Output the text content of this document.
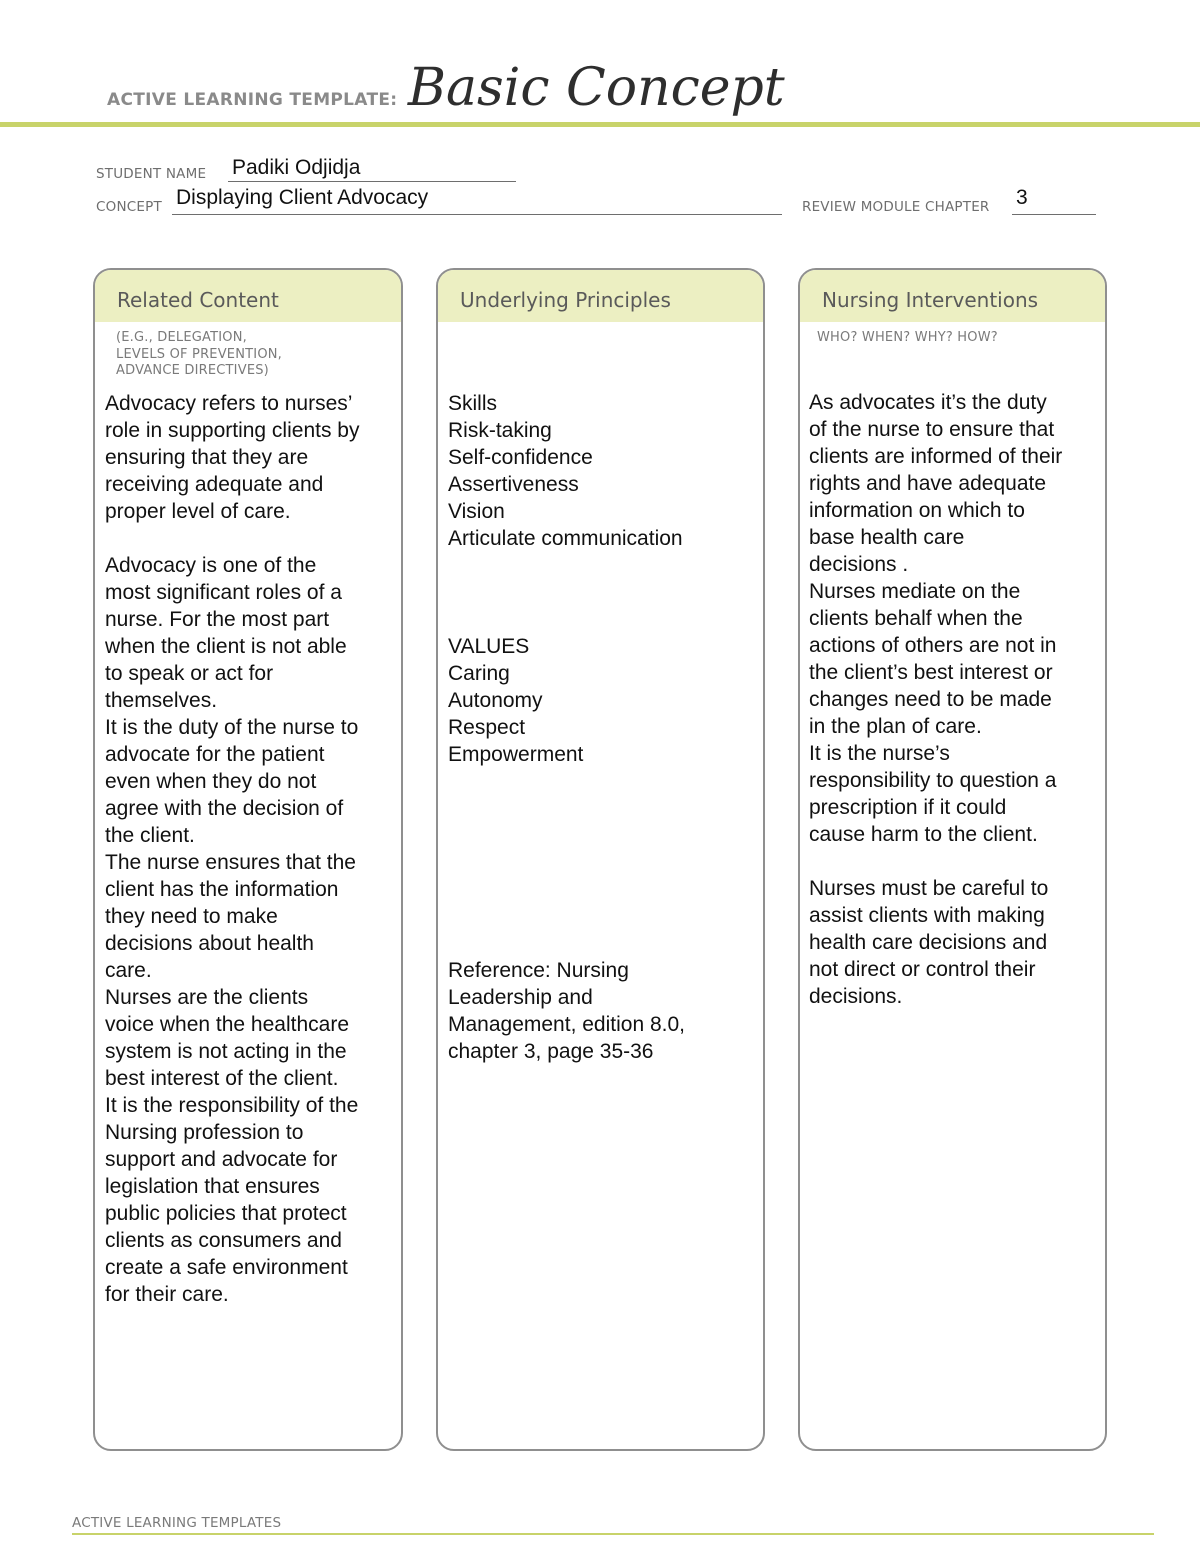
ACTIVE LEARNING TEMPLATE: Basic Concept
STUDENT NAME Padiki Odjidja
CONCEPT Displaying Client Advocacy	REVIEW MODULE CHAPTER 3
Related Content
(E.G., DELEGATION,
LEVELS OF PREVENTION,
ADVANCE DIRECTIVES)
Advocacy refers to nurses’
role in supporting clients by
ensuring that they are
receiving adequate and
proper level of care.

Advocacy is one of the
most significant roles of a
nurse. For the most part
when the client is not able
to speak or act for
themselves.
It is the duty of the nurse to
advocate for the patient
even when they do not
agree with the decision of
the client.
The nurse ensures that the
client has the information
they need to make
decisions about health
care.
Nurses are the clients
voice when the healthcare
system is not acting in the
best interest of the client.
It is the responsibility of the
Nursing profession to
support and advocate for
legislation that ensures
public policies that protect
clients as consumers and
create a safe environment
for their care.
Underlying Principles
Skills
Risk-taking
Self-confidence
Assertiveness
Vision
Articulate communication

VALUES
Caring
Autonomy
Respect
Empowerment

Reference: Nursing
Leadership and
Management, edition 8.0,
chapter 3, page 35-36
Nursing Interventions
WHO? WHEN? WHY? HOW?
As advocates it’s the duty
of the nurse to ensure that
clients are informed of their
rights and have adequate
information on which to
base health care
decisions .
Nurses mediate on the
clients behalf when the
actions of others are not in
the client’s best interest or
changes need to be made
in the plan of care.
It is the nurse’s
responsibility to question a
prescription if it could
cause harm to the client.

Nurses must be careful to
assist clients with making
health care decisions and
not direct or control their
decisions.
ACTIVE LEARNING TEMPLATES
